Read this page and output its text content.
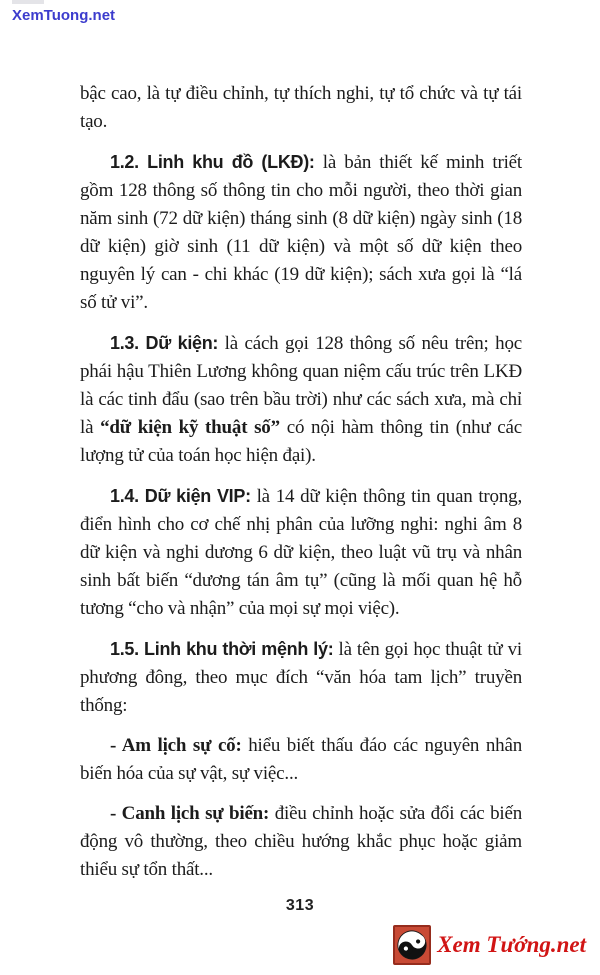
XemTuong.net

bậc cao, là tự điều chỉnh, tự thích nghi, tự tổ chức và tự tái tạo.

1.2. Linh khu đồ (LKĐ): là bản thiết kế minh triết gồm 128 thông số thông tin cho mỗi người, theo thời gian năm sinh (72 dữ kiện) tháng sinh (8 dữ kiện) ngày sinh (18 dữ kiện) giờ sinh (11 dữ kiện) và một số dữ kiện theo nguyên lý can - chi khác (19 dữ kiện); sách xưa gọi là “lá số tử vi”.

1.3. Dữ kiện: là cách gọi 128 thông số nêu trên; học phái hậu Thiên Lương không quan niệm cấu trúc trên LKĐ là các tinh đẩu (sao trên bầu trời) như các sách xưa, mà chỉ là “dữ kiện kỹ thuật số” có nội hàm thông tin (như các lượng tử của toán học hiện đại).

1.4. Dữ kiện VIP: là 14 dữ kiện thông tin quan trọng, điển hình cho cơ chế nhị phân của lưỡng nghi: nghi âm 8 dữ kiện và nghi dương 6 dữ kiện, theo luật vũ trụ và nhân sinh bất biến “dương tán âm tụ” (cũng là mối quan hệ hỗ tương “cho và nhận” của mọi sự mọi việc).

1.5. Linh khu thời mệnh lý: là tên gọi học thuật tử vi phương đông, theo mục đích “văn hóa tam lịch” truyền thống:

- Am lịch sự cố: hiểu biết thấu đáo các nguyên nhân biến hóa của sự vật, sự việc...

- Canh lịch sự biến: điều chỉnh hoặc sửa đổi các biến động vô thường, theo chiều hướng khắc phục hoặc giảm thiểu sự tổn thất...

313
Xem Tướng.net
